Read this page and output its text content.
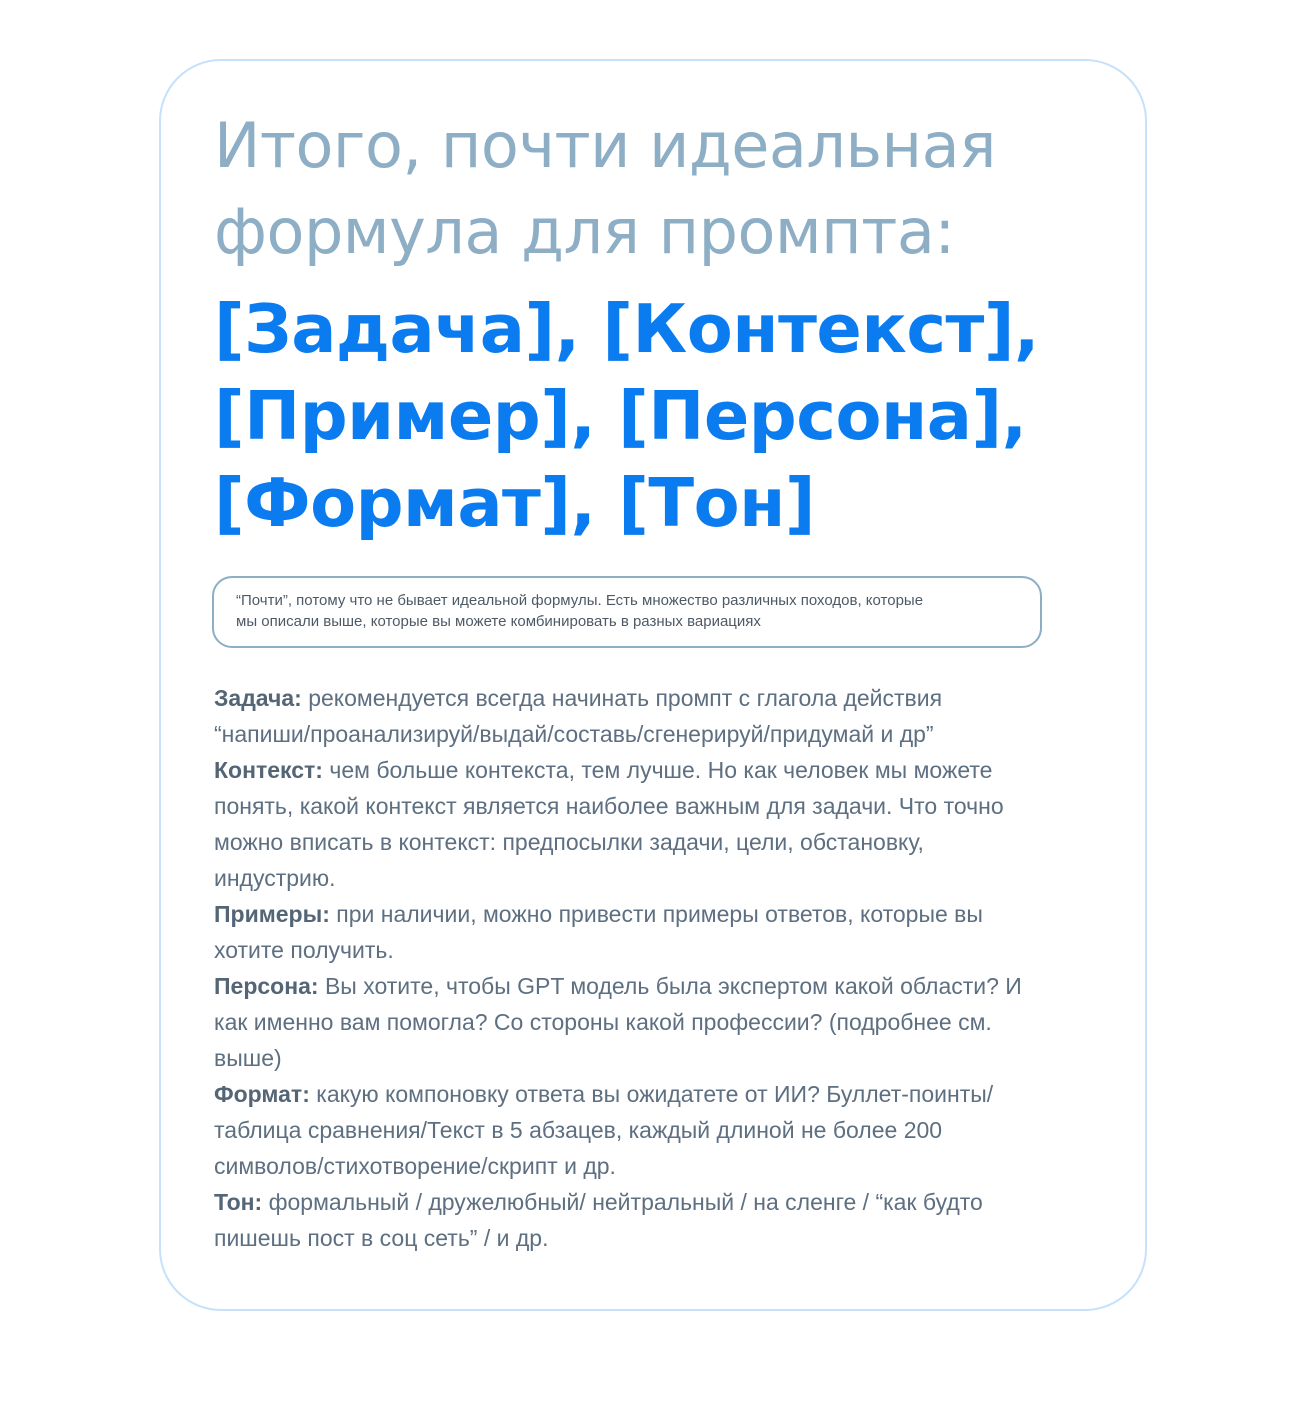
Итого, почти идеальная
формула для промпта:
[Задача], [Контекст],
[Пример], [Персона],
[Формат], [Тон]
“Почти”, потому что не бывает идеальной формулы. Есть множество различных походов, которые
мы описали выше, которые вы можете комбинировать в разных вариациях
Задача: рекомендуется всегда начинать промпт с глагола действия
“напиши/проанализируй/выдай/составь/сгенерируй/придумай и др”
Контекст: чем больше контекста, тем лучше. Но как человек мы можете
понять, какой контекст является наиболее важным для задачи. Что точно
можно вписать в контекст: предпосылки задачи, цели, обстановку,
индустрию.
Примеры: при наличии, можно привести примеры ответов, которые вы
хотите получить.
Персона: Вы хотите, чтобы GPT модель была экспертом какой области? И
как именно вам помогла? Со стороны какой профессии? (подробнее см.
выше)
Формат: какую компоновку ответа вы ожидатете от ИИ? Буллет-поинты/
таблица сравнения/Текст в 5 абзацев, каждый длиной не более 200
символов/стихотворение/скрипт и др.
Тон: формальный / дружелюбный/ нейтральный / на сленге / “как будто
пишешь пост в соц сеть” / и др.
